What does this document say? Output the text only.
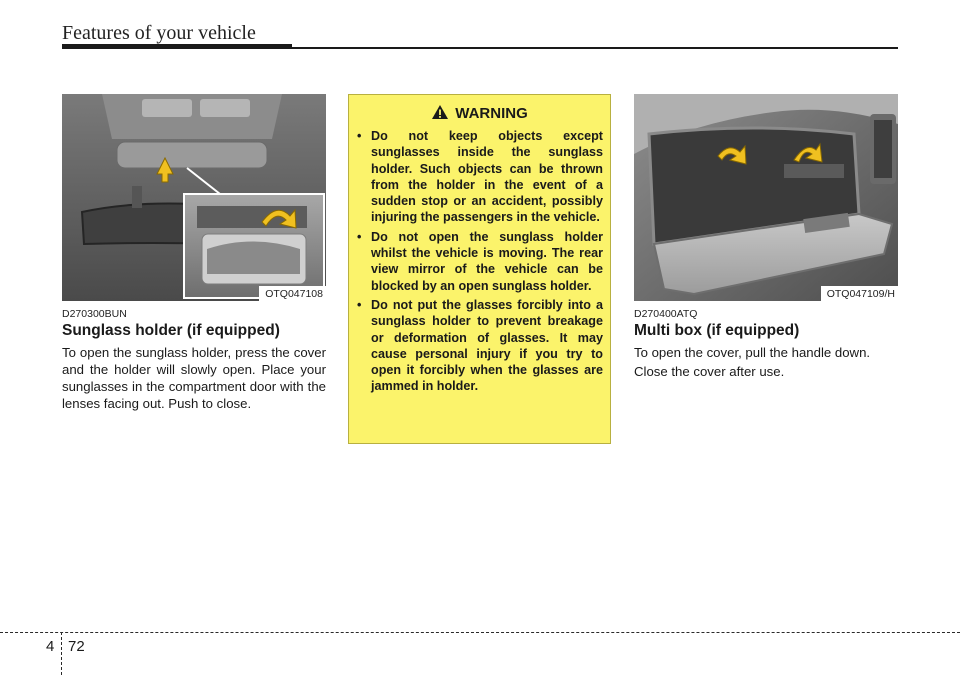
Features of your vehicle
OTQ047108
D270300BUN
Sunglass holder (if equipped)

To open the sunglass holder, press the cover and the holder will slowly open. Place your sunglasses in the compartment door with the lenses facing out. Push to close.

WARNING
• Do not keep objects except sunglasses inside the sunglass holder. Such objects can be thrown from the holder in the event of a sudden stop or an accident, possibly injuring the passengers in the vehicle.
• Do not open the sunglass holder whilst the vehicle is moving. The rear view mirror of the vehicle can be blocked by an open sunglass holder.
• Do not put the glasses forcibly into a sunglass holder to prevent breakage or deformation of glasses. It may cause personal injury if you try to open it forcibly when the glasses are jammed in holder.
OTQ047109/H
D270400ATQ
Multi box (if equipped)
To open the cover, pull the handle down.
Close the cover after use.
4 72
